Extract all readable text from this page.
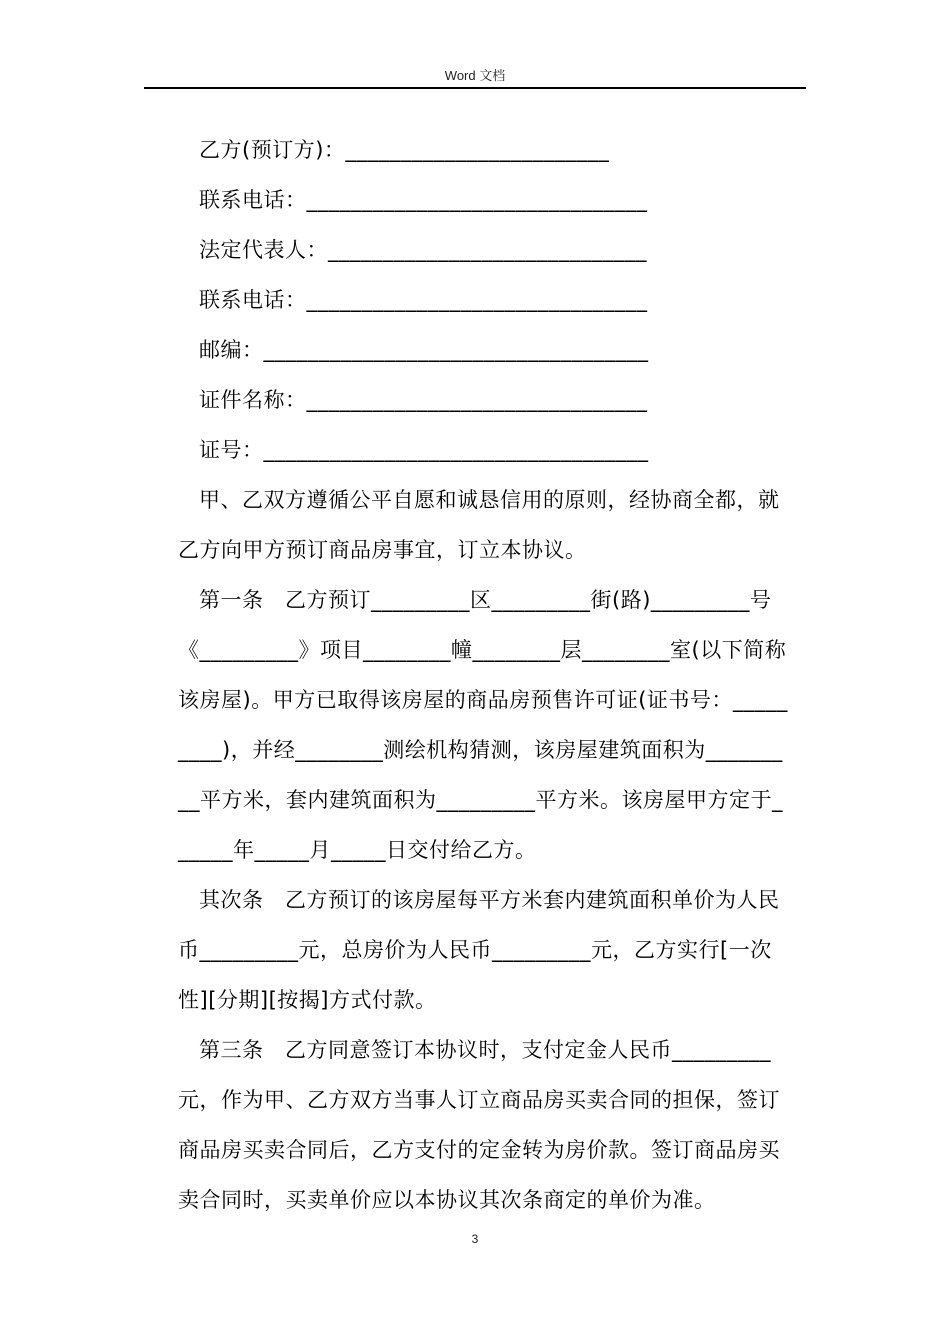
Word 文档
乙方(预订方)：________________________
联系电话：_______________________________
法定代表人：_____________________________
联系电话：_______________________________
邮编：___________________________________
证件名称：_______________________________
证号：___________________________________
甲、乙双方遵循公平自愿和诚恳信用的原则，经协商全都，就
乙方向甲方预订商品房事宜，订立本协议。
第一条　乙方预订_________区_________街(路)_________号
《_________》项目________幢________层________室(以下简称
该房屋)。甲方已取得该房屋的商品房预售许可证(证书号：_____
____)，并经________测绘机构猜测，该房屋建筑面积为_______
__平方米，套内建筑面积为_________平方米。该房屋甲方定于_
_____年_____月_____日交付给乙方。
其次条　乙方预订的该房屋每平方米套内建筑面积单价为人民
币_________元，总房价为人民币_________元，乙方实行[一次
性][分期][按揭]方式付款。
第三条　乙方同意签订本协议时，支付定金人民币_________
元，作为甲、乙方双方当事人订立商品房买卖合同的担保，签订
商品房买卖合同后，乙方支付的定金转为房价款。签订商品房买
卖合同时，买卖单价应以本协议其次条商定的单价为准。
3
